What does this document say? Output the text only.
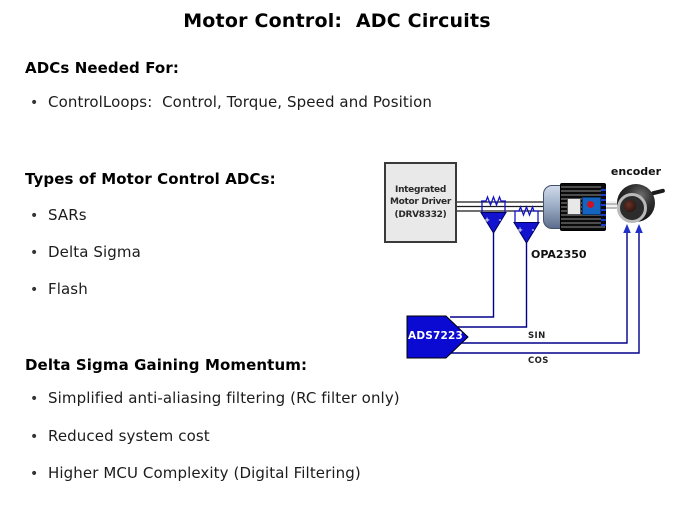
Motor Control:  ADC Circuits
ADCs Needed For:
• ControlLoops:  Control, Torque, Speed and Position
Types of Motor Control ADCs:
• SARs
• Delta Sigma
• Flash
Delta Sigma Gaining Momentum:
• Simplified anti-aliasing filtering (RC filter only)
• Reduced system cost
• Higher MCU Complexity (Digital Filtering)
+ -
+ -
Integrated
Motor Driver
(DRV8332)
OPA2350
encoder
SIN
COS
ADS7223
